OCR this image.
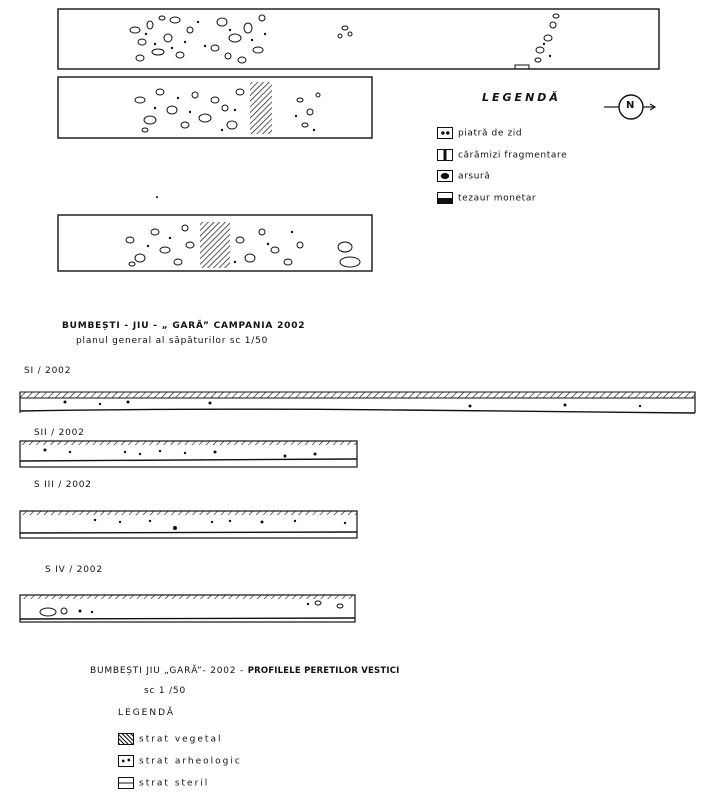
BUMBEȘTI - JIU - „ GARĂ” CAMPANIA 2002
planul general al săpăturilor sc 1/50
N
LEGENDĂ
piatră de zid
cărămizi fragmentare
arsură
tezaur monetar
SI / 2002
SII / 2002
S III / 2002
S IV / 2002
BUMBEȘTI JIU „GARĂ”- 2002 - PROFILELE PERETILOR VESTICI
sc 1 /50
LEGENDĂ
strat vegetal
strat arheologic
strat steril
